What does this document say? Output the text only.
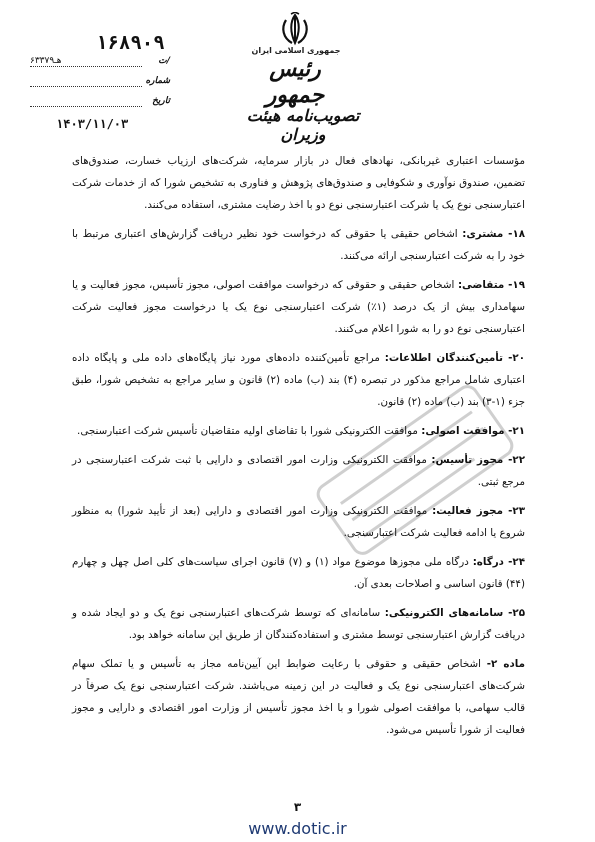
جمهوری اسلامی ایران
رئیس جمهور
تصویب‌نامه هیئت وزیران
۱۶۸۹۰۹
/ت
۶۳۳۷۹هـ
شماره
تاریخ
۱۴۰۳/۱۱/۰۳

مؤسسات اعتباری غیربانکی، نهادهای فعال در بازار سرمایه، شرکت‌های ارزیاب خسارت، صندوق‌های تضمین، صندوق نوآوری و شکوفایی و صندوق‌های پژوهش و فناوری به تشخیص شورا که از خدمات شرکت اعتبارسنجی نوع یک یا شرکت اعتبارسنجی نوع دو با اخذ رضایت مشتری، استفاده می‌کنند.

۱۸- مشتری: اشخاص حقیقی یا حقوقی که درخواست خود نظیر دریافت گزارش‌های اعتباری مرتبط با خود را به شرکت اعتبارسنجی ارائه می‌کنند.

۱۹- متقاضی: اشخاص حقیقی و حقوقی که درخواست موافقت اصولی، مجوز تأسیس، مجوز فعالیت و یا سهامداری بیش از یک درصد (۱٪) شرکت اعتبارسنجی نوع یک یا درخواست مجوز فعالیت شرکت اعتبارسنجی نوع دو را به شورا اعلام می‌کنند.

۲۰- تأمین‌کنندگان اطلاعات: مراجع تأمین‌کننده داده‌های مورد نیاز پایگاه‌های داده ملی و پایگاه داده اعتباری شامل مراجع مذکور در تبصره (۴) بند (ب) ماده (۲) قانون و سایر مراجع به تشخیص شورا، طبق جزء (۱-۳) بند (ب) ماده (۲) قانون.

۲۱- موافقت اصولی: موافقت الکترونیکی شورا با تقاضای اولیه متقاضیان تأسیس شرکت اعتبارسنجی.

۲۲- مجوز تأسیس: موافقت الکترونیکی وزارت امور اقتصادی و دارایی با ثبت شرکت اعتبارسنجی در مرجع ثبتی.

۲۳- مجوز فعالیت: موافقت الکترونیکی وزارت امور اقتصادی و دارایی (بعد از تأیید شورا) به منظور شروع یا ادامه فعالیت شرکت اعتبارسنجی.

۲۴- درگاه: درگاه ملی مجوزها موضوع مواد (۱) و (۷) قانون اجرای سیاست‌های کلی اصل چهل و چهارم (۴۴) قانون اساسی و اصلاحات بعدی آن.

۲۵- سامانه‌های الکترونیکی: سامانه‌ای که توسط شرکت‌های اعتبارسنجی نوع یک و دو ایجاد شده و دریافت گزارش اعتبارسنجی توسط مشتری و استفاده‌کنندگان از طریق این سامانه خواهد بود.

ماده ۲- اشخاص حقیقی و حقوقی با رعایت ضوابط این آیین‌نامه مجاز به تأسیس و یا تملک سهام شرکت‌های اعتبارسنجی نوع یک و فعالیت در این زمینه می‌باشند. شرکت اعتبارسنجی نوع یک صرفاً در قالب سهامی، با موافقت اصولی شورا و با اخذ مجوز تأسیس از وزارت امور اقتصادی و دارایی و مجوز فعالیت از شورا تأسیس می‌شود.

۳
www.dotic.ir
